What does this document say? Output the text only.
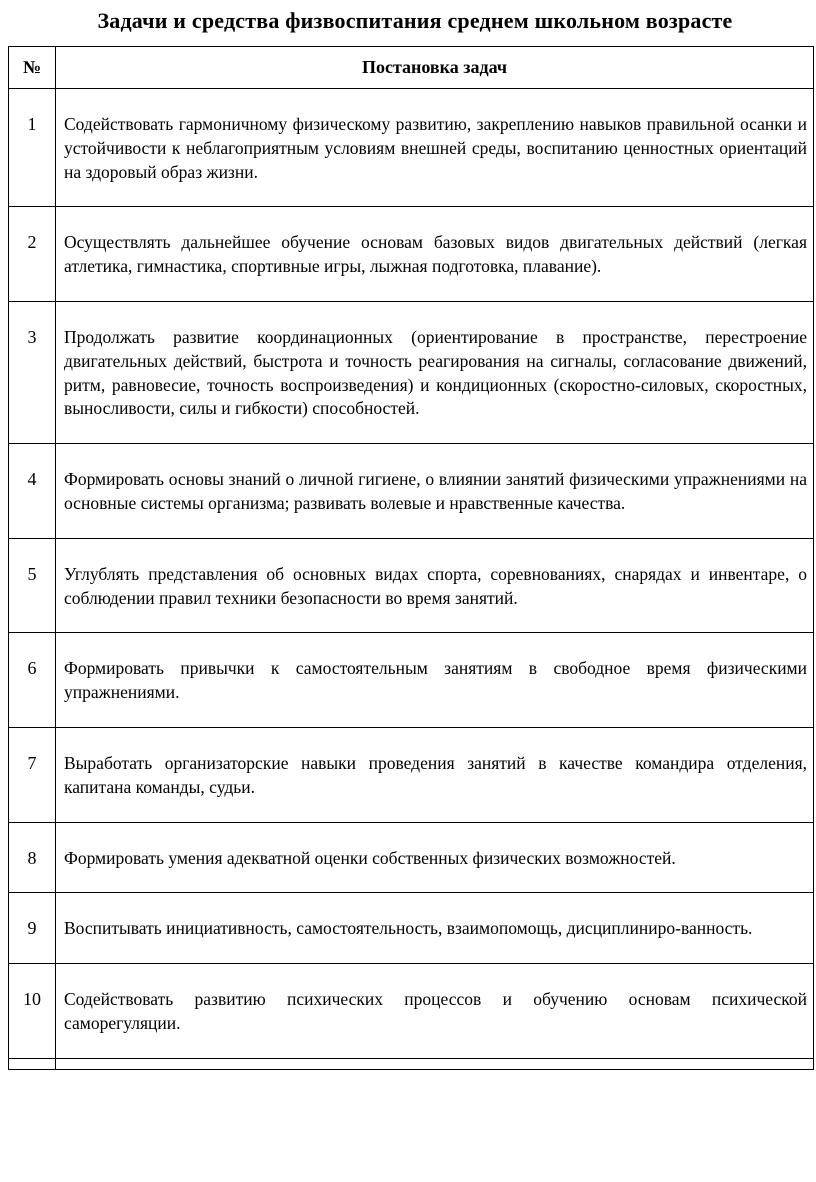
Задачи и средства физвоспитания среднем школьном возрасте
№	Постановка задач
1	Содействовать гармоничному физическому развитию, закреплению навыков правильной осанки и устойчивости к неблагоприятным условиям внешней среды, воспитанию ценностных ориентаций на здоровый образ жизни.
2	Осуществлять дальнейшее обучение основам базовых видов двигательных действий (легкая атлетика, гимнастика, спортивные игры, лыжная подготовка, плавание).
3	Продолжать развитие координационных (ориентирование в пространстве, перестроение двигательных действий, быстрота и точность реагирования на сигналы, согласование движений, ритм, равновесие, точность воспроизведения) и кондиционных (скоростно-силовых, скоростных, выносливости, силы и гибкости) способностей.
4	Формировать основы знаний о личной гигиене, о влиянии занятий физическими упражнениями на основные системы организма; развивать волевые и нравственные качества.
5	Углублять представления об основных видах спорта, соревнованиях, снарядах и инвентаре, о соблюдении правил техники безопасности во время занятий.
6	Формировать привычки к самостоятельным занятиям в свободное время физическими упражнениями.
7	Выработать организаторские навыки проведения занятий в качестве командира отделения, капитана команды, судьи.
8	Формировать умения адекватной оценки собственных физических возможностей.
9	Воспитывать инициативность, самостоятельность, взаимопомощь, дисциплиниро-ванность.
10	Содействовать развитию психических процессов и обучению основам психической саморегуляции.
